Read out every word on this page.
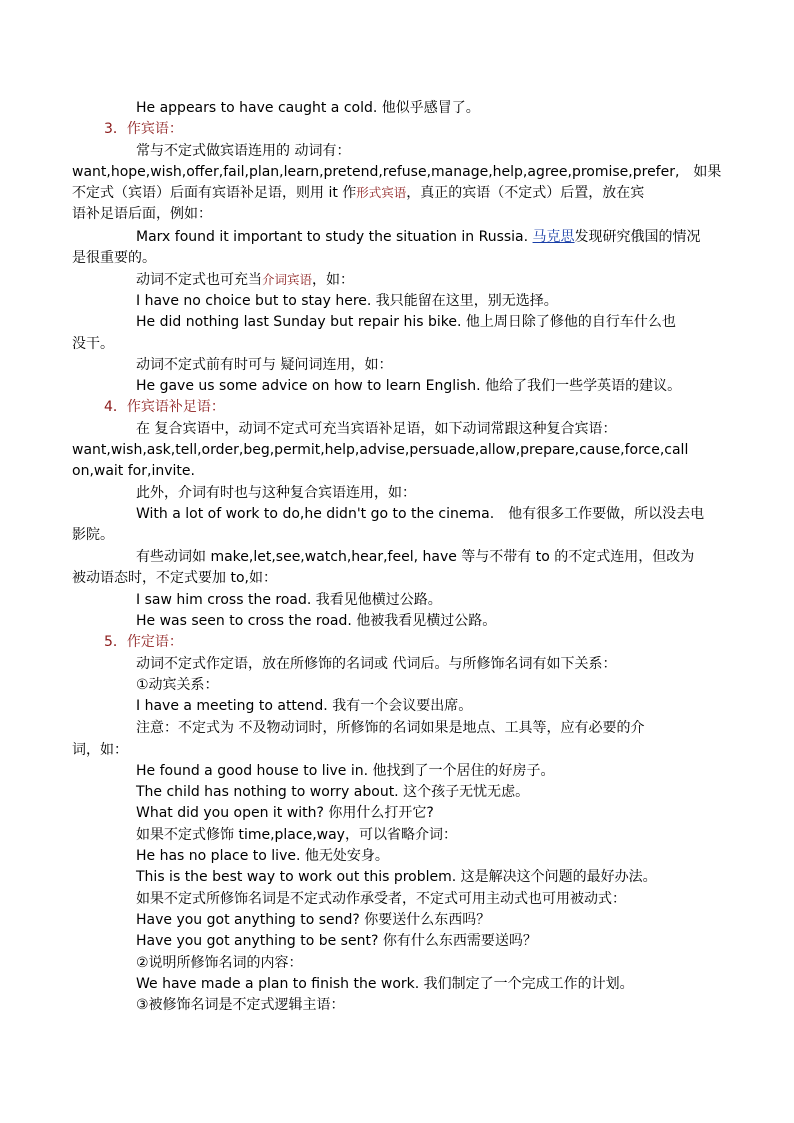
He appears to have caught a cold. 他似乎感冒了。
3．作宾语：
常与不定式做宾语连用的 动词有：
want,hope,wish,offer,fail,plan,learn,pretend,refuse,manage,help,agree,promise,prefer,　如果
不定式（宾语）后面有宾语补足语，则用 it 作形式宾语，真正的宾语（不定式）后置，放在宾
语补足语后面，例如：
Marx found it important to study the situation in Russia. 马克思发现研究俄国的情况
是很重要的。
动词不定式也可充当介词宾语，如：
I have no choice but to stay here. 我只能留在这里，别无选择。
He did nothing last Sunday but repair his bike. 他上周日除了修他的自行车什么也
没干。
动词不定式前有时可与 疑问词连用，如：
He gave us some advice on how to learn English. 他给了我们一些学英语的建议。
4．作宾语补足语：
在 复合宾语中，动词不定式可充当宾语补足语，如下动词常跟这种复合宾语：
want,wish,ask,tell,order,beg,permit,help,advise,persuade,allow,prepare,cause,force,call
on,wait for,invite.
此外，介词有时也与这种复合宾语连用，如：
With a lot of work to do,he didn't go to the cinema.　他有很多工作要做，所以没去电
影院。
有些动词如 make,let,see,watch,hear,feel, have 等与不带有 to 的不定式连用，但改为
被动语态时，不定式要加 to,如：
I saw him cross the road. 我看见他横过公路。
He was seen to cross the road. 他被我看见横过公路。
5．作定语：
动词不定式作定语，放在所修饰的名词或 代词后。与所修饰名词有如下关系：
①动宾关系：
I have a meeting to attend. 我有一个会议要出席。
注意：不定式为 不及物动词时，所修饰的名词如果是地点、工具等，应有必要的介
词，如：
He found a good house to live in. 他找到了一个居住的好房子。
The child has nothing to worry about. 这个孩子无忧无虑。
What did you open it with? 你用什么打开它?
如果不定式修饰 time,place,way，可以省略介词：
He has no place to live. 他无处安身。
This is the best way to work out this problem. 这是解决这个问题的最好办法。
如果不定式所修饰名词是不定式动作承受者，不定式可用主动式也可用被动式：
Have you got anything to send? 你要送什么东西吗？
Have you got anything to be sent? 你有什么东西需要送吗？
②说明所修饰名词的内容：
We have made a plan to finish the work. 我们制定了一个完成工作的计划。
③被修饰名词是不定式逻辑主语：
